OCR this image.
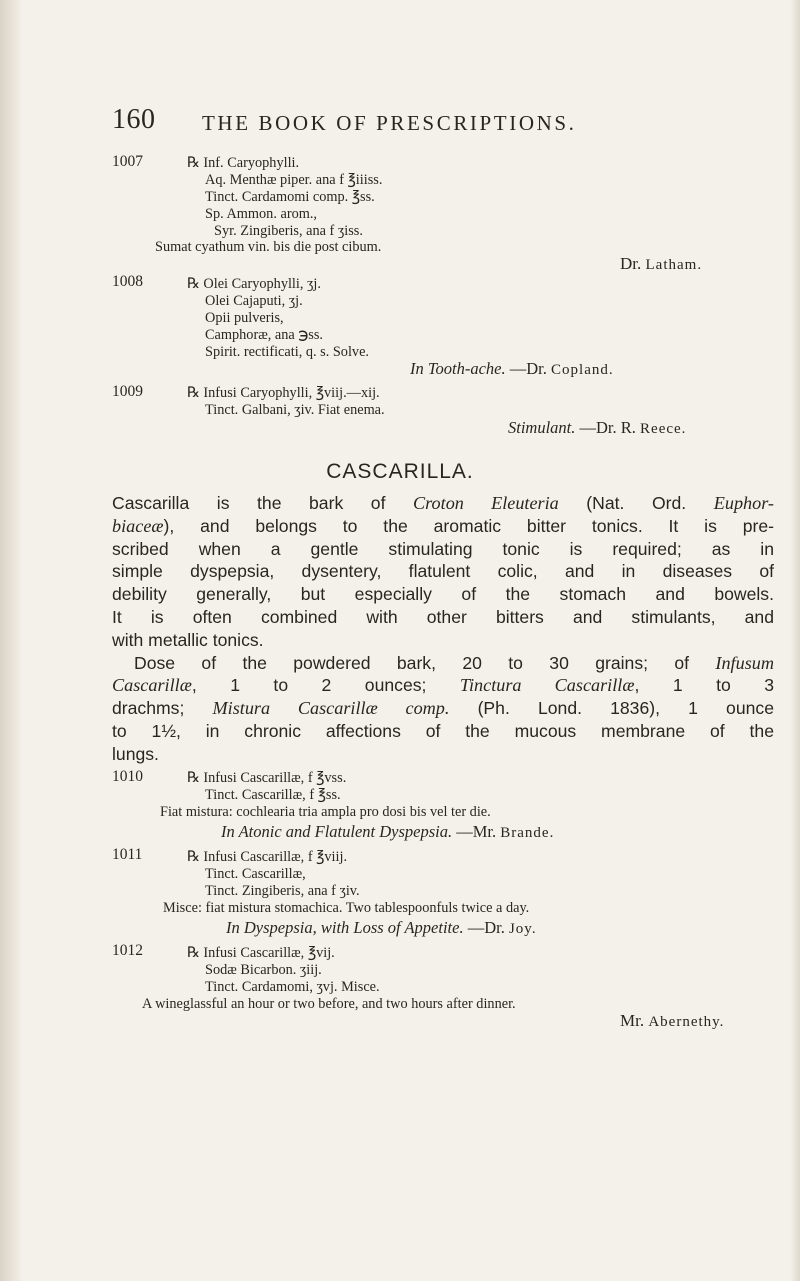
160 THE BOOK OF PRESCRIPTIONS.
1007	℞ Inf. Caryophylli.
Aq. Menthæ piper. ana f ℥iiiss.
Tinct. Cardamomi comp. ℥ss.
Sp. Ammon. arom.,
Syr. Zingiberis, ana f ʒiss.
Sumat cyathum vin. bis die post cibum.
Dr. Latham.
1008	℞ Olei Caryophylli, ʒj.
Olei Cajaputi, ʒj.
Opii pulveris,
Camphoræ, ana ℈ss.
Spirit. rectificati, q. s. Solve.
In Tooth-ache. —Dr. Copland.
1009	℞ Infusi Caryophylli, ℥viij.—xij.
Tinct. Galbani, ʒiv. Fiat enema.
Stimulant. —Dr. R. Reece.
CASCARILLA.
Cascarilla is the bark of Croton Eleuteria (Nat. Ord. Euphor-
biaceæ), and belongs to the aromatic bitter tonics. It is pre-
scribed when a gentle stimulating tonic is required; as in
simple dyspepsia, dysentery, flatulent colic, and in diseases of
debility generally, but especially of the stomach and bowels.
It is often combined with other bitters and stimulants, and
with metallic tonics.
Dose of the powdered bark, 20 to 30 grains; of Infusum
Cascarillæ, 1 to 2 ounces; Tinctura Cascarillæ, 1 to 3
drachms; Mistura Cascarillæ comp. (Ph. Lond. 1836), 1 ounce
to 1½, in chronic affections of the mucous membrane of the
lungs.
1010	℞ Infusi Cascarillæ, f ℥vss.
Tinct. Cascarillæ, f ℥ss.
Fiat mistura: cochlearia tria ampla pro dosi bis vel ter die.
In Atonic and Flatulent Dyspepsia. —Mr. Brande.
1011	℞ Infusi Cascarillæ, f ℥viij.
Tinct. Cascarillæ,
Tinct. Zingiberis, ana f ʒiv.
Misce: fiat mistura stomachica. Two tablespoonfuls twice a day.
In Dyspepsia, with Loss of Appetite. —Dr. Joy.
1012	℞ Infusi Cascarillæ, ℥vij.
Sodæ Bicarbon. ʒiij.
Tinct. Cardamomi, ʒvj. Misce.
A wineglassful an hour or two before, and two hours after dinner.
Mr. Abernethy.
